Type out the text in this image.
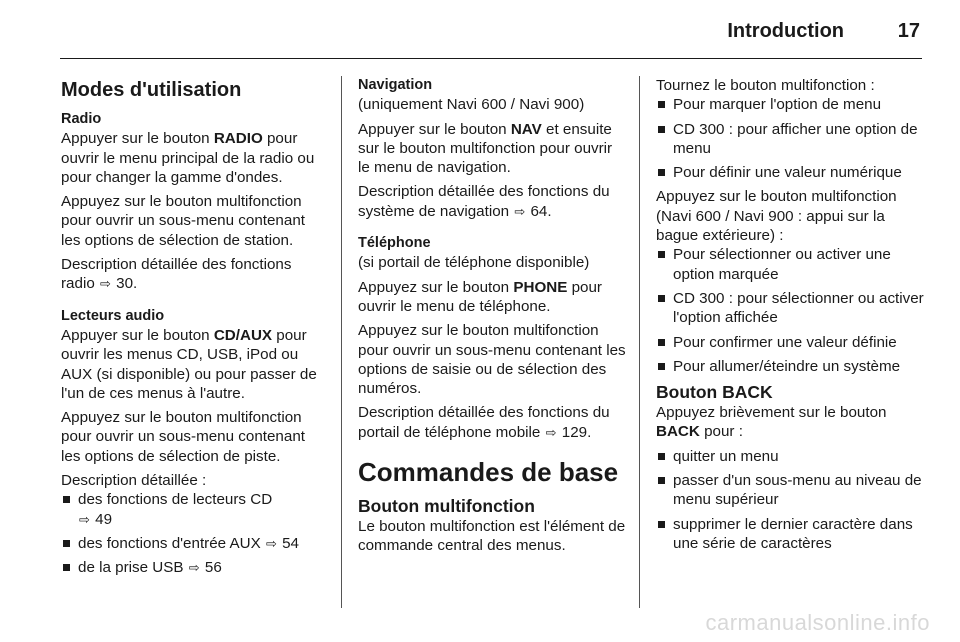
Introduction	17
Modes d'utilisation
Radio

Appuyer sur le bouton RADIO pour ouvrir le menu principal de la radio ou pour changer la gamme d'ondes.

Appuyez sur le bouton multifonction pour ouvrir un sous-menu contenant les options de sélection de station.

Description détaillée des fonctions radio ⇨ 30.

Lecteurs audio

Appuyer sur le bouton CD/AUX pour ouvrir les menus CD, USB, iPod ou AUX (si disponible) ou pour passer de l'un de ces menus à l'autre.

Appuyez sur le bouton multifonction pour ouvrir un sous-menu contenant les options de sélection de piste.

Description détaillée :

des fonctions de lecteurs CD
⇨ 49
des fonctions d'entrée AUX ⇨ 54
de la prise USB ⇨ 56
Navigation

(uniquement Navi 600 / Navi 900)

Appuyer sur le bouton NAV et ensuite sur le bouton multifonction pour ouvrir le menu de navigation.

Description détaillée des fonctions du système de navigation ⇨ 64.

Téléphone

(si portail de téléphone disponible)

Appuyez sur le bouton PHONE pour ouvrir le menu de téléphone.

Appuyez sur le bouton multifonction pour ouvrir un sous-menu contenant les options de saisie ou de sélection des numéros.

Description détaillée des fonctions du portail de téléphone mobile ⇨ 129.

Commandes de base
Bouton multifonction

Le bouton multifonction est l'élément de commande central des menus.

Tournez le bouton multifonction :

Pour marquer l'option de menu
CD 300 : pour afficher une option de menu
Pour définir une valeur numérique

Appuyez sur le bouton multifonction (Navi 600 / Navi 900 : appui sur la bague extérieure) :

Pour sélectionner ou activer une option marquée
CD 300 : pour sélectionner ou activer l'option affichée
Pour confirmer une valeur définie
Pour allumer/éteindre un système
Bouton BACK

Appuyez brièvement sur le bouton BACK pour :

quitter un menu
passer d'un sous-menu au niveau de menu supérieur
supprimer le dernier caractère dans une série de caractères
carmanualsonline.info
